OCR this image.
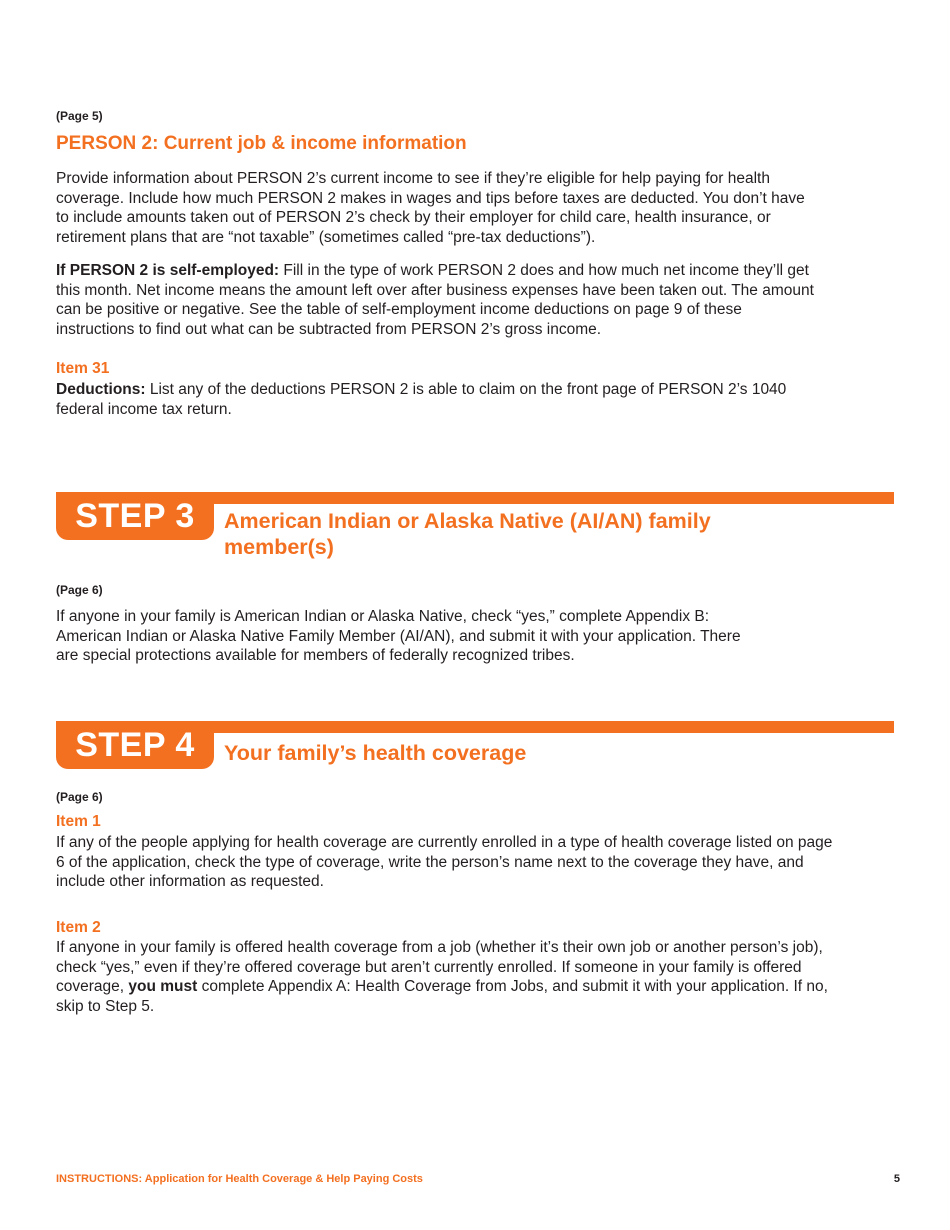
(Page 5)
PERSON 2: Current job & income information
Provide information about PERSON 2’s current income to see if they’re eligible for help paying for health coverage. Include how much PERSON 2 makes in wages and tips before taxes are deducted. You don’t have to include amounts taken out of PERSON 2’s check by their employer for child care, health insurance, or retirement plans that are “not taxable” (sometimes called “pre-tax deductions”).
If PERSON 2 is self-employed: Fill in the type of work PERSON 2 does and how much net income they’ll get this month. Net income means the amount left over after business expenses have been taken out. The amount can be positive or negative. See the table of self-employment income deductions on page 9 of these instructions to find out what can be subtracted from PERSON 2’s gross income.
Item 31
Deductions: List any of the deductions PERSON 2 is able to claim on the front page of PERSON 2’s 1040 federal income tax return.
STEP 3	American Indian or Alaska Native (AI/AN) family
member(s)
(Page 6)
If anyone in your family is American Indian or Alaska Native, check “yes,” complete Appendix B: American Indian or Alaska Native Family Member (AI/AN), and submit it with your application. There are special protections available for members of federally recognized tribes.
STEP 4	Your family’s health coverage
(Page 6)
Item 1
If any of the people applying for health coverage are currently enrolled in a type of health coverage listed on page 6 of the application, check the type of coverage, write the person’s name next to the coverage they have, and include other information as requested.
Item 2
If anyone in your family is offered health coverage from a job (whether it’s their own job or another person’s job), check “yes,” even if they’re offered coverage but aren’t currently enrolled. If someone in your family is offered coverage, you must complete Appendix A: Health Coverage from Jobs, and submit it with your application. If no, skip to Step 5.
INSTRUCTIONS: Application for Health Coverage & Help Paying Costs	5
